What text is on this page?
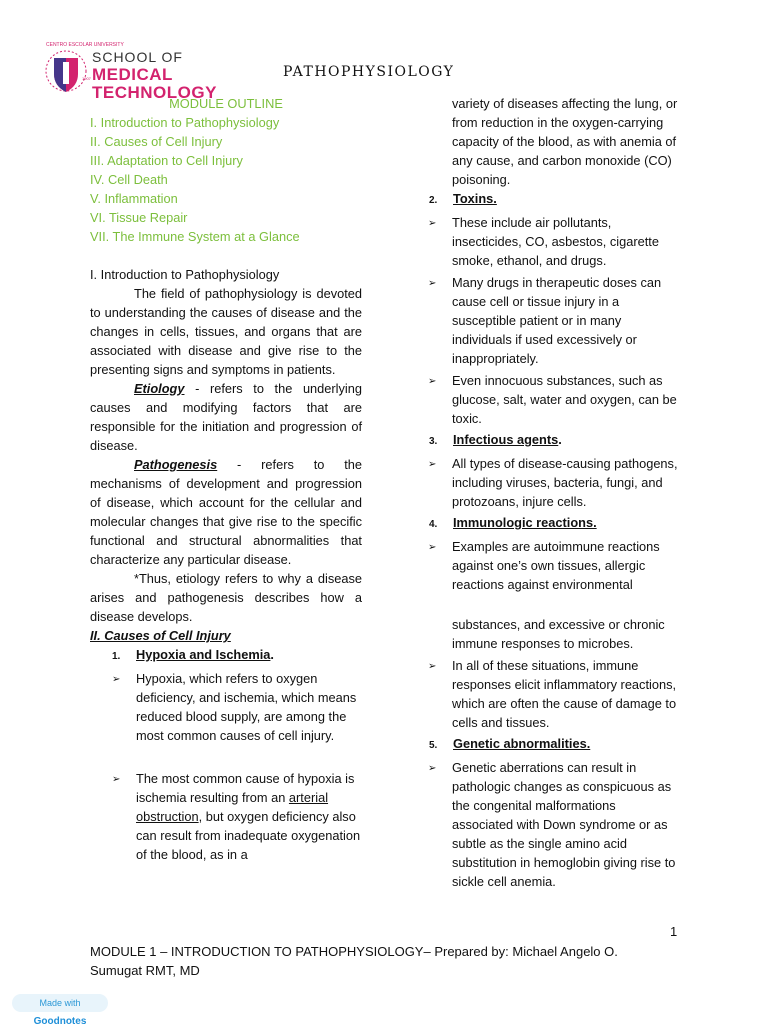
CENTRO ESCOLAR UNIVERSITY
1907
SCHOOL OF
MEDICAL
TECHNOLOGY
PATHOPHYSIOLOGY
MODULE OUTLINE
I. Introduction to Pathophysiology
II. Causes of Cell Injury
III. Adaptation to Cell Injury
IV. Cell Death
V. Inflammation
VI. Tissue Repair
VII. The Immune System at a Glance
I. Introduction to Pathophysiology
The field of pathophysiology is devoted to understanding the causes of disease and the changes in cells, tissues, and organs that are associated with disease and give rise to the presenting signs and symptoms in patients.
Etiology - refers to the underlying causes and modifying factors that are responsible for the initiation and progression of disease.
Pathogenesis - refers to the mechanisms of development and progression of disease, which account for the cellular and molecular changes that give rise to the specific functional and structural abnormalities that characterize any particular disease.
*Thus, etiology refers to why a disease arises and pathogenesis describes how a disease develops.
II. Causes of Cell Injury
1.	Hypoxia and Ischemia.
➢	Hypoxia, which refers to oxygen deficiency, and ischemia, which means reduced blood supply, are among the most common causes of cell injury.
➢	The most common cause of hypoxia is ischemia resulting from an arterial obstruction, but oxygen deficiency also can result from inadequate oxygenation of the blood, as in a
variety of diseases affecting the lung, or from reduction in the oxygen-carrying capacity of the blood, as with anemia of any cause, and carbon monoxide (CO) poisoning.
2.	Toxins.
➢	These include air pollutants, insecticides, CO, asbestos, cigarette smoke, ethanol, and drugs.
➢	Many drugs in therapeutic doses can cause cell or tissue injury in a susceptible patient or in many individuals if used excessively or inappropriately.
➢	Even innocuous substances, such as glucose, salt, water and oxygen, can be toxic.
3.	Infectious agents.
➢	All types of disease-causing pathogens, including viruses, bacteria, fungi, and protozoans, injure cells.
4.	Immunologic reactions.
➢	Examples are autoimmune reactions against one’s own tissues, allergic reactions against environmental
substances, and excessive or chronic immune responses to microbes.
➢	In all of these situations, immune responses elicit inflammatory reactions, which are often the cause of damage to cells and tissues.
5.	Genetic abnormalities.
➢	Genetic aberrations can result in pathologic changes as conspicuous as the congenital malformations associated with Down syndrome or as subtle as the single amino acid substitution in hemoglobin giving rise to sickle cell anemia.
1
MODULE 1 – INTRODUCTION TO PATHOPHYSIOLOGY– Prepared by: Michael Angelo O. Sumugat RMT, MD
Made with Goodnotes
